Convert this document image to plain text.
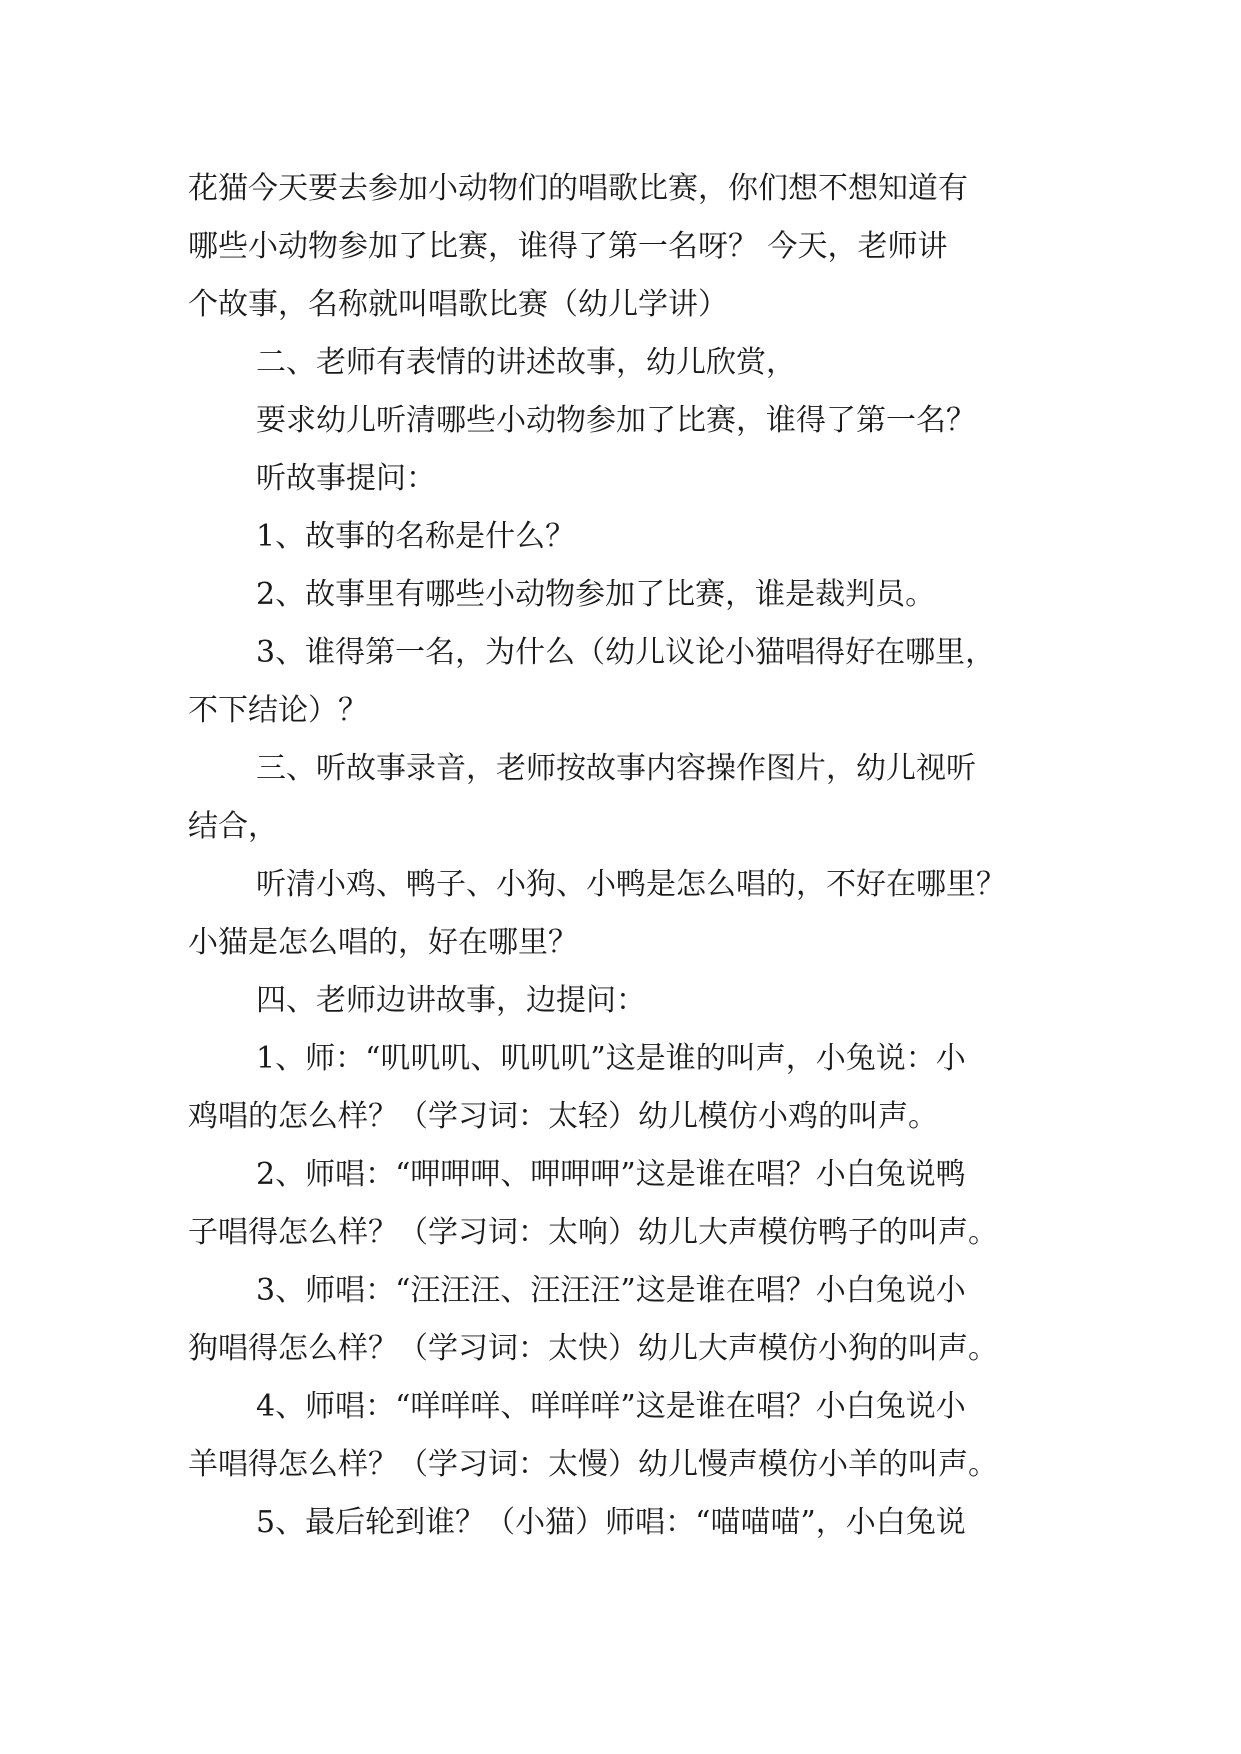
花猫今天要去参加小动物们的唱歌比赛，你们想不想知道有
哪些小动物参加了比赛，谁得了第一名呀？ 今天，老师讲
个故事，名称就叫唱歌比赛（幼儿学讲）
二、老师有表情的讲述故事，幼儿欣赏，
要求幼儿听清哪些小动物参加了比赛，谁得了第一名？
听故事提问：
1、故事的名称是什么？
2、故事里有哪些小动物参加了比赛，谁是裁判员。
3、谁得第一名，为什么（幼儿议论小猫唱得好在哪里，
不下结论）？
三、听故事录音，老师按故事内容操作图片，幼儿视听
结合，
听清小鸡、鸭子、小狗、小鸭是怎么唱的，不好在哪里？
小猫是怎么唱的，好在哪里？
四、老师边讲故事，边提问：
1、师：“叽叽叽、叽叽叽”这是谁的叫声，小兔说：小
鸡唱的怎么样？（学习词：太轻）幼儿模仿小鸡的叫声。
2、师唱：“呷呷呷、呷呷呷”这是谁在唱？小白兔说鸭
子唱得怎么样？（学习词：太响）幼儿大声模仿鸭子的叫声。
3、师唱：“汪汪汪、汪汪汪”这是谁在唱？小白兔说小
狗唱得怎么样？（学习词：太快）幼儿大声模仿小狗的叫声。
4、师唱：“咩咩咩、咩咩咩”这是谁在唱？小白兔说小
羊唱得怎么样？（学习词：太慢）幼儿慢声模仿小羊的叫声。
5、最后轮到谁？（小猫）师唱：“喵喵喵”，小白兔说
